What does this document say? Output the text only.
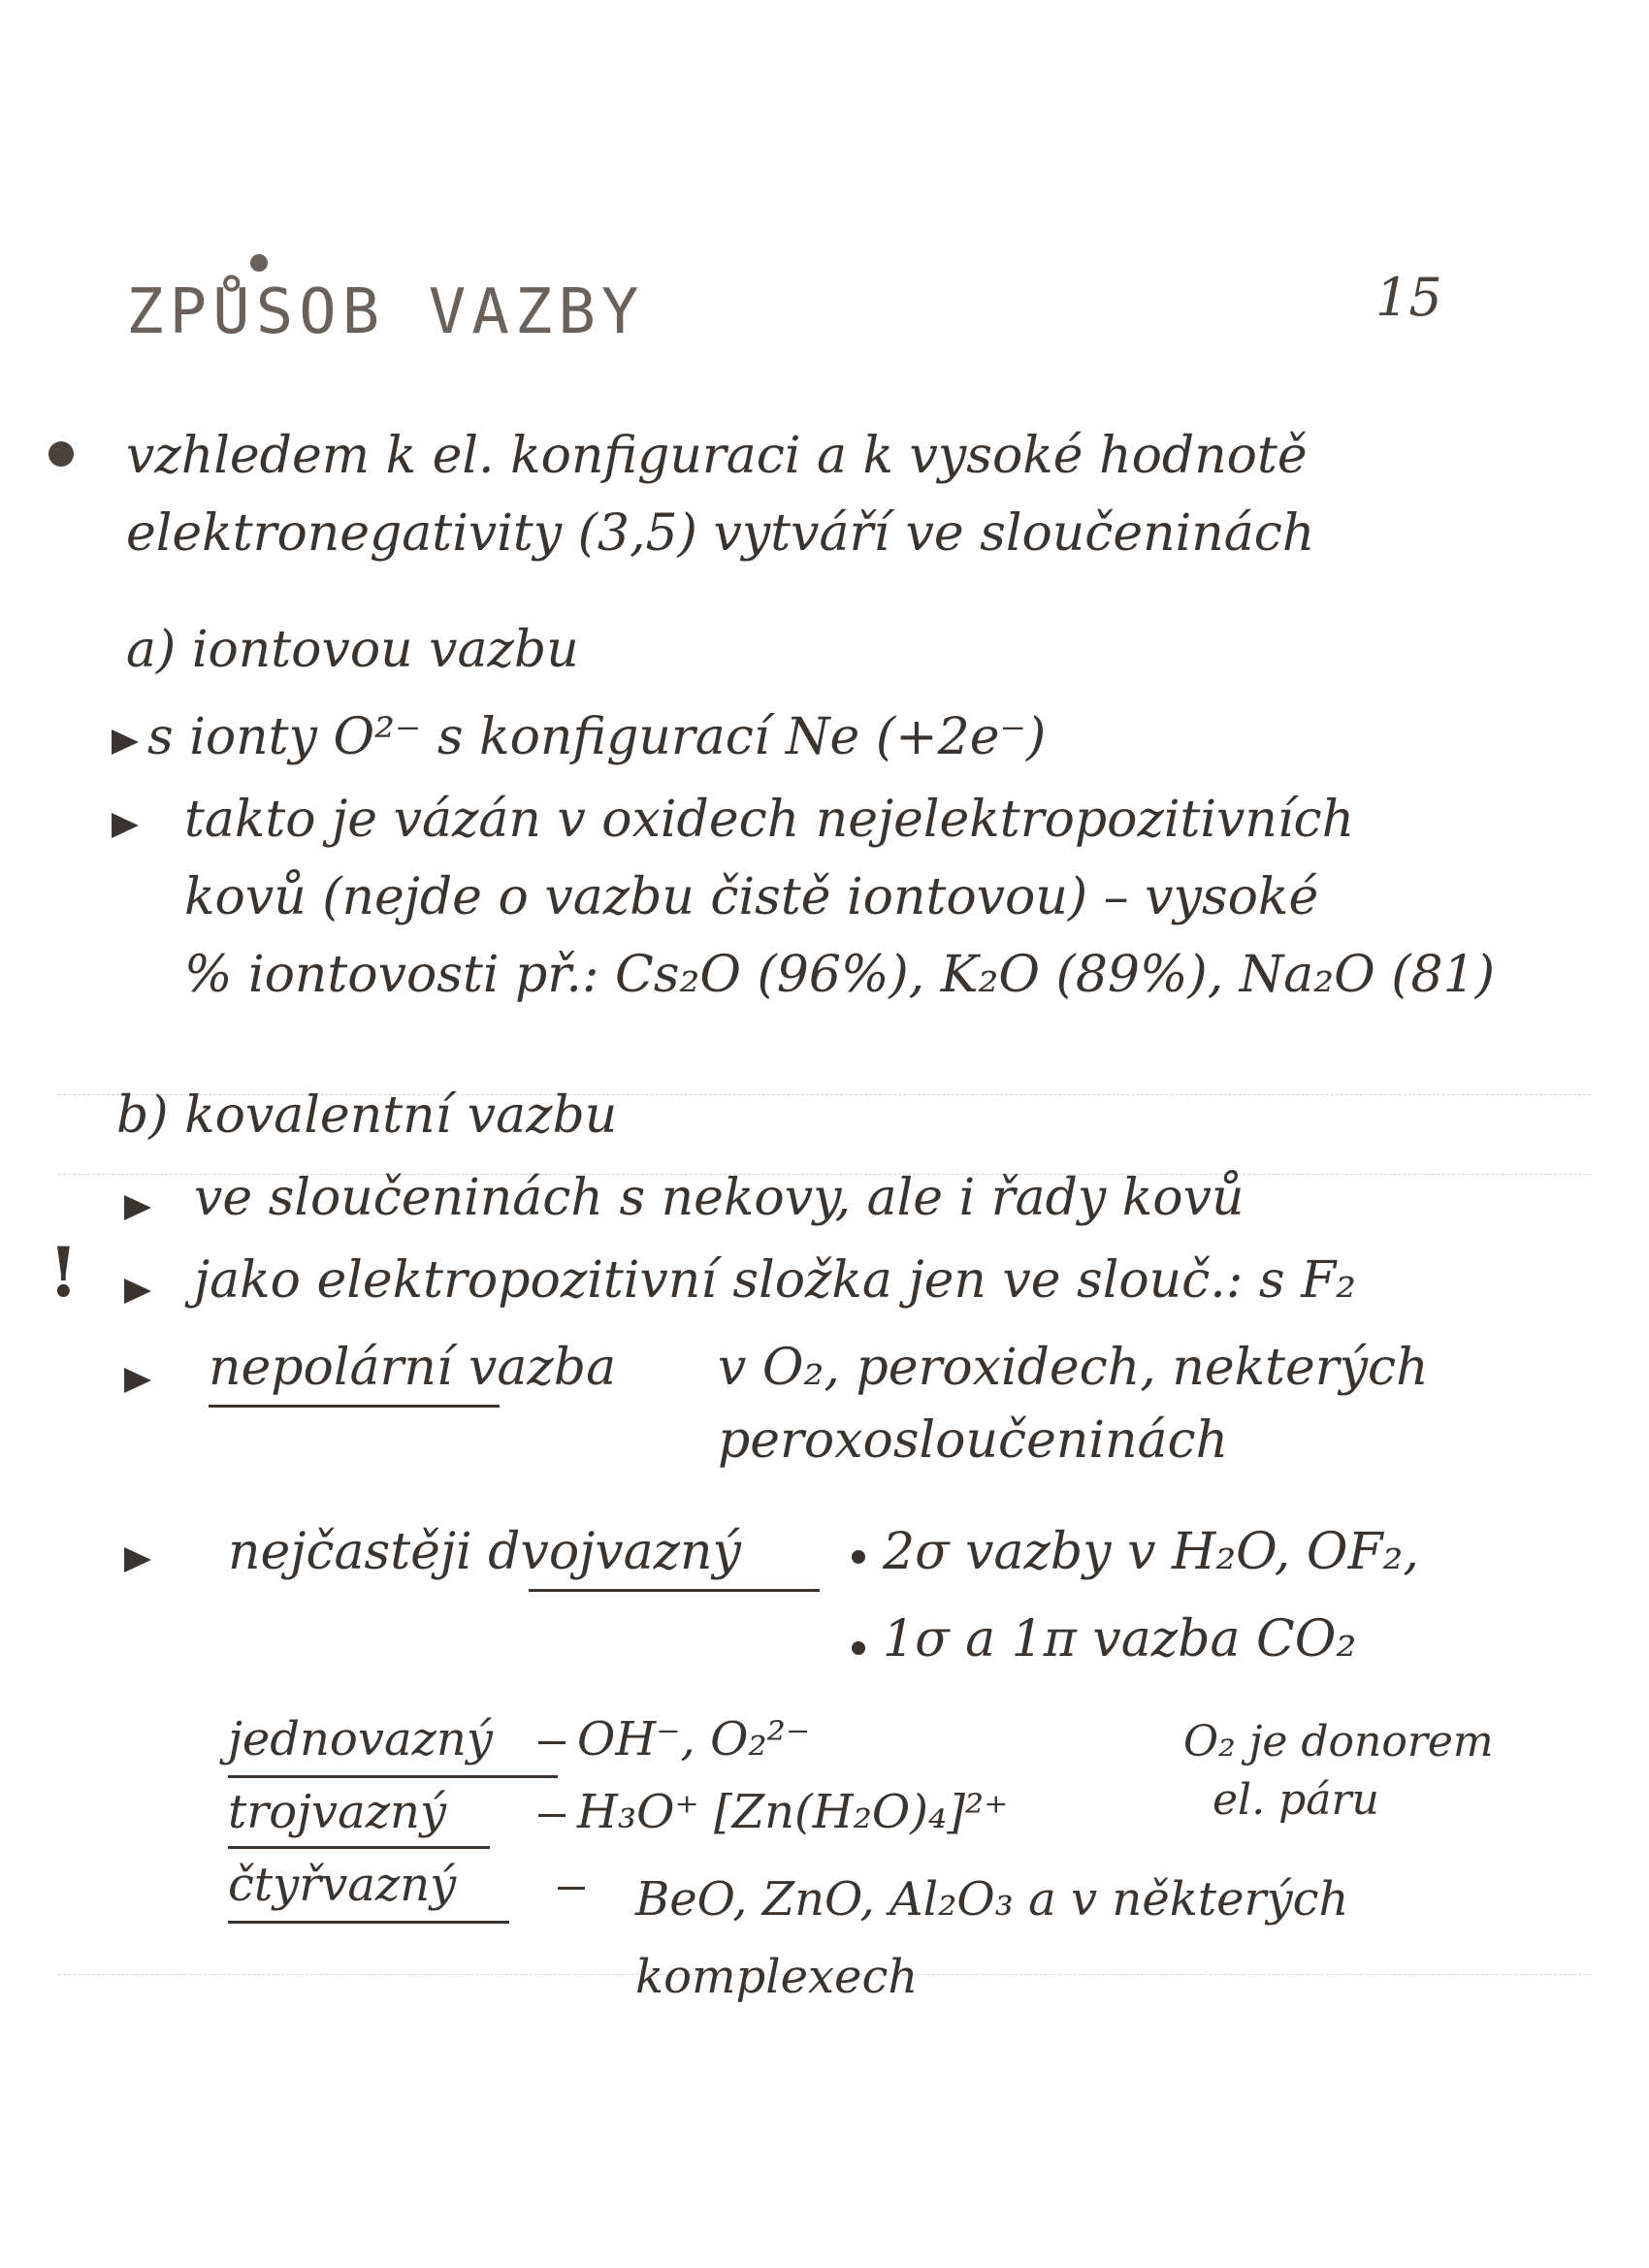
ZPŮSOB VAZBY	15
vzhledem k el. konfiguraci a k vysoké hodnotě
elektronegativity (3,5) vytváří ve sloučeninách
a) iontovou vazbu
s ionty O²⁻ s konfigurací Ne (+2e⁻)
takto je vázán v oxidech nejelektropozitivních
kovů (nejde o vazbu čistě iontovou) – vysoké
% iontovosti př.: Cs₂O (96%), K₂O (89%), Na₂O (81)
b) kovalentní vazbu
ve sloučeninách s nekovy, ale i řady kovů
! jako elektropozitivní složka jen ve slouč.: s F₂
nepolární vazba v O₂, peroxidech, nekterých
peroxosloučeninách
nejčastěji dvojvazný	2σ vazby v H₂O, OF₂,
1σ a 1π vazba CO₂
jednovazný OH⁻, O₂²⁻
trojvazný	H₃O⁺ [Zn(H₂O)₄]²⁺
čtyřvazný	BeO, ZnO, Al₂O₃ a v některých
komplexech
O₂ je donorem
el. páru
